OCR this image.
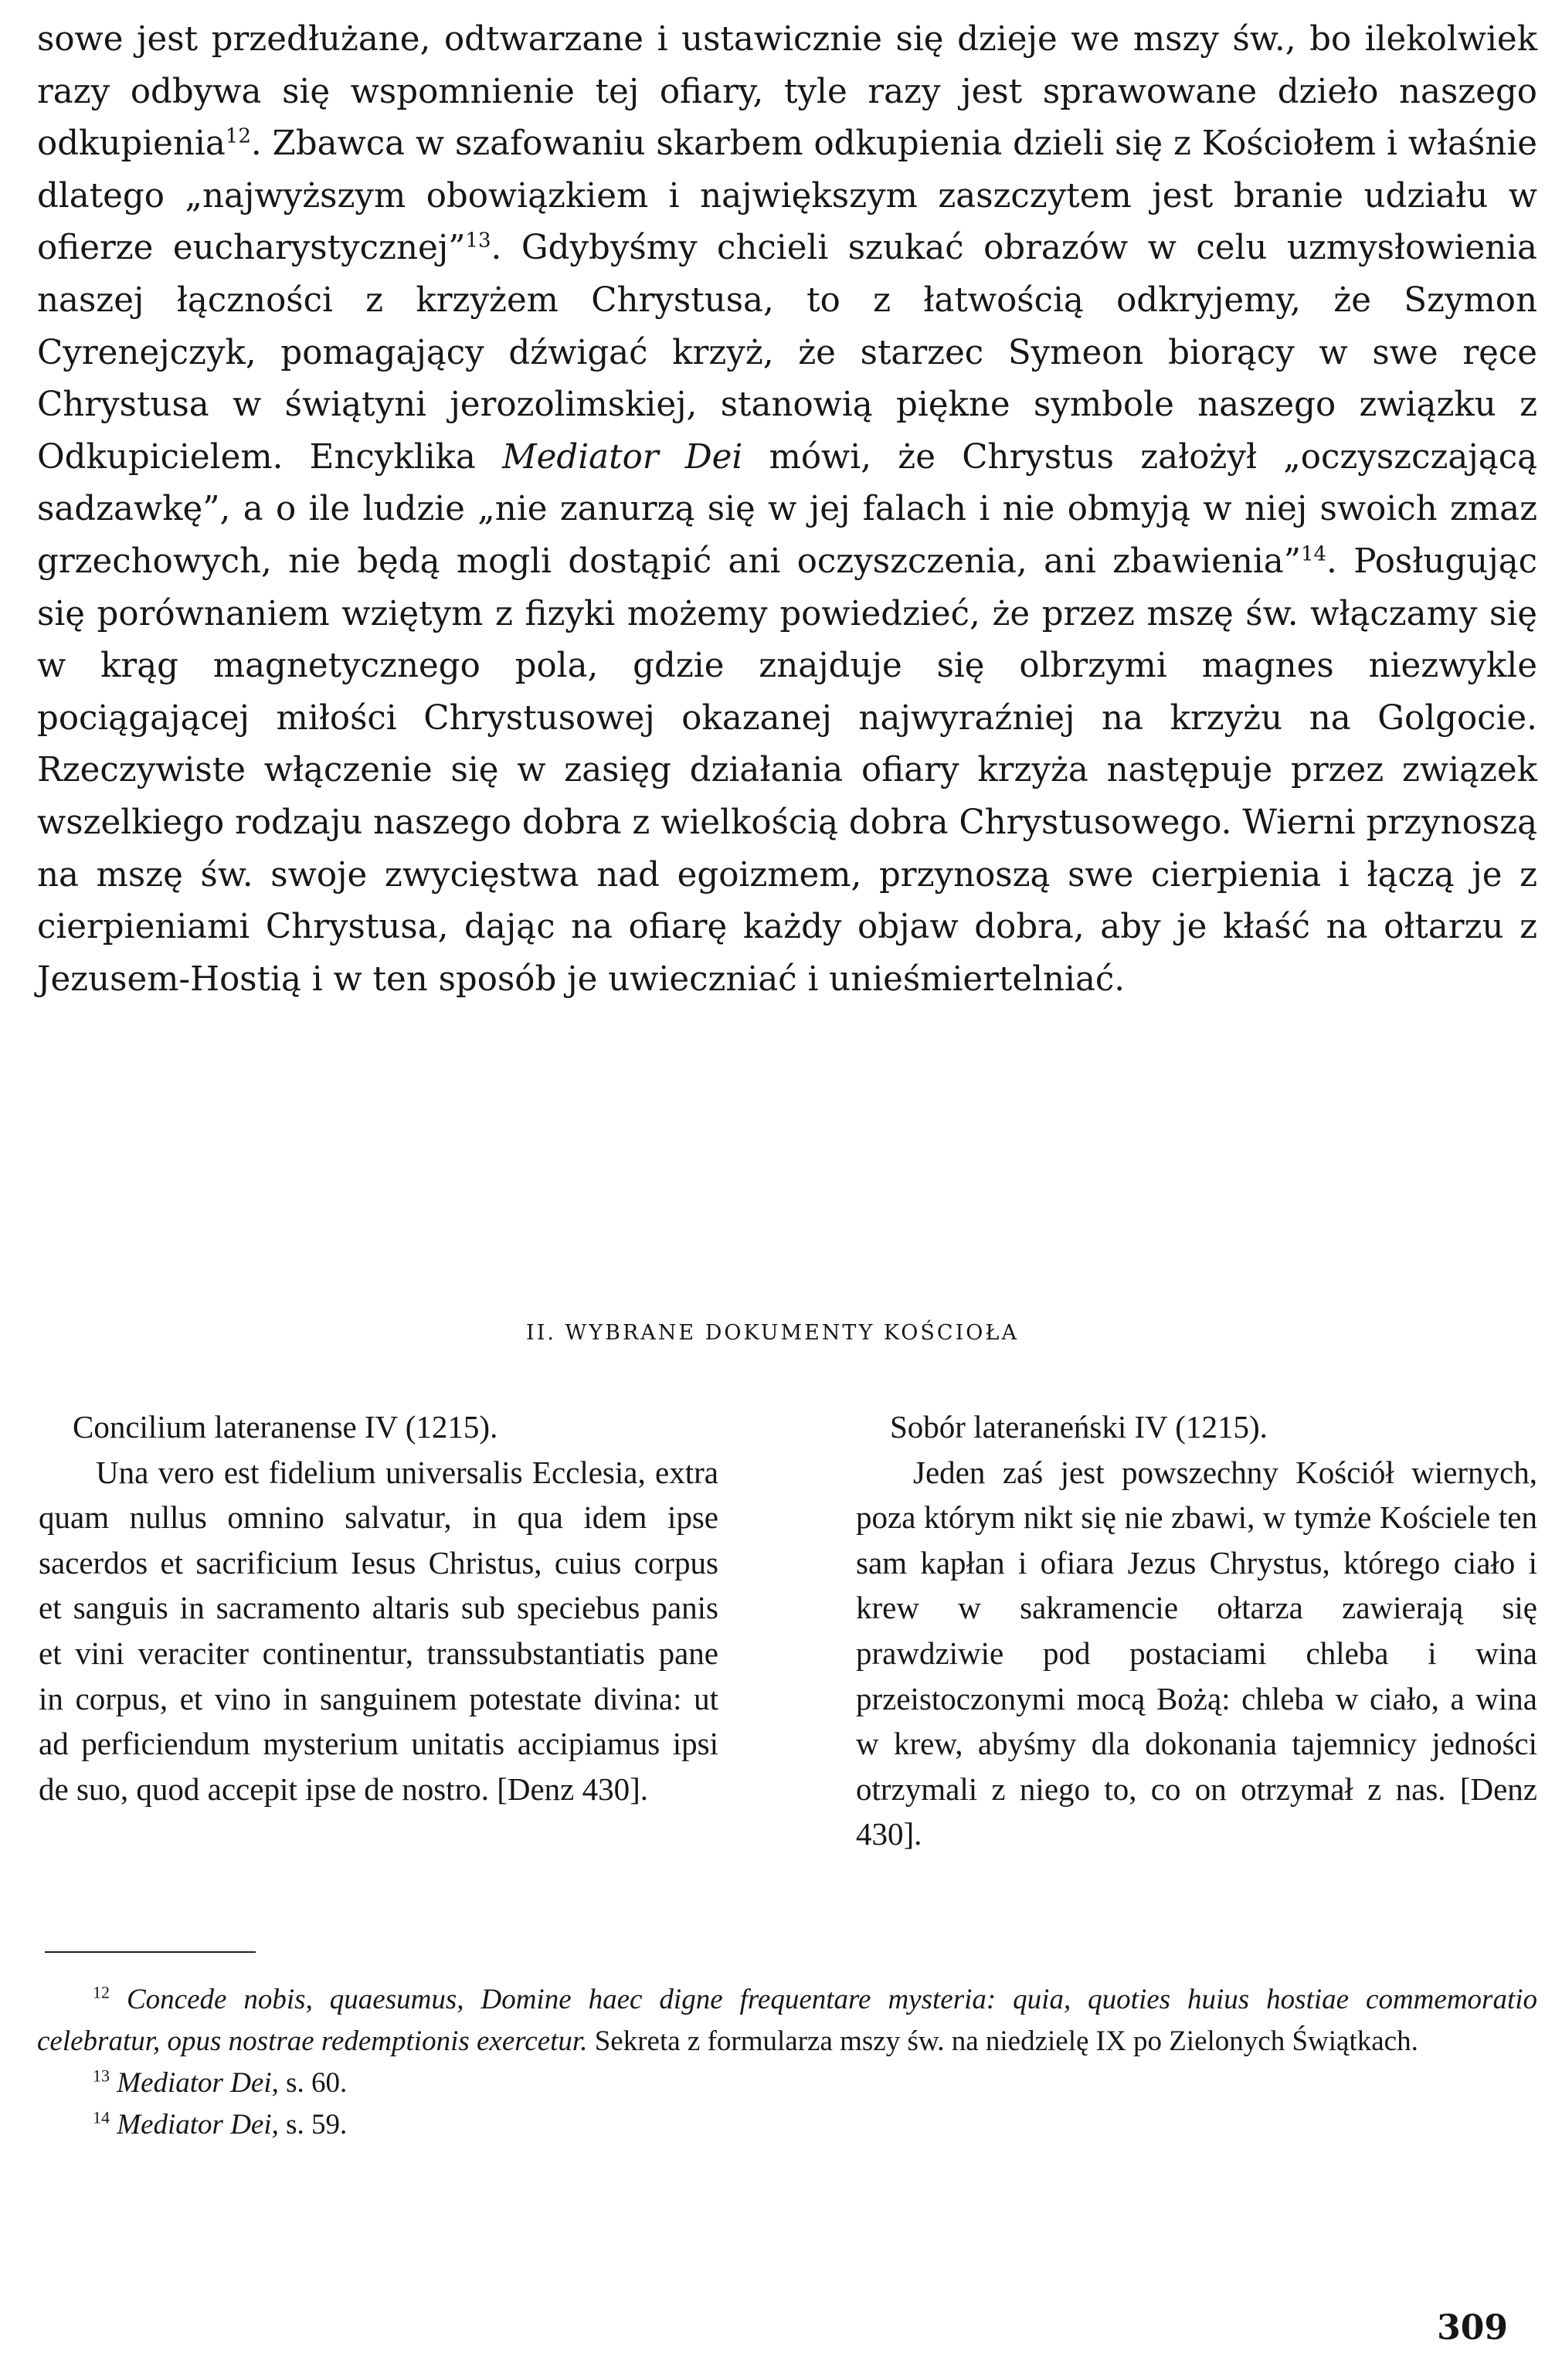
sowe jest przedłużane, odtwarzane i ustawicznie się dzieje we mszy św., bo ilekolwiek razy odbywa się wspomnienie tej ofiary, tyle razy jest sprawowane dzieło naszego odkupienia$^{12}$. Zbawca w szafowaniu skarbem odkupienia dzieli się z Kościołem i właśnie dlatego „najwyższym obowiązkiem i największym zaszczytem jest branie udziału w ofierze eucharystycznej”$^{13}$. Gdybyśmy chcieli szukać obrazów w celu uzmysłowienia naszej łączności z krzyżem Chrystusa, to z łatwością odkryjemy, że Szymon Cyrenejczyk, pomagający dźwigać krzyż, że starzec Symeon biorący w swe ręce Chrystusa w świątyni jerozolimskiej, stanowią piękne symbole naszego związku z Odkupicielem. Encyklika Mediator Dei mówi, że Chrystus założył „oczyszczającą sadzawkę”, a o ile ludzie „nie zanurzą się w jej falach i nie obmyją w niej swoich zmaz grzechowych, nie będą mogli dostąpić ani oczyszczenia, ani zbawienia”$^{14}$. Posługując się porównaniem wziętym z fizyki możemy powiedzieć, że przez mszę św. włączamy się w krąg magnetycznego pola, gdzie znajduje się olbrzymi magnes niezwykle pociągającej miłości Chrystusowej okazanej najwyraźniej na krzyżu na Golgocie. Rzeczywiste włączenie się w zasięg działania ofiary krzyża następuje przez związek wszelkiego rodzaju naszego dobra z wielkością dobra Chrystusowego. Wierni przynoszą na mszę św. swoje zwycięstwa nad egoizmem, przynoszą swe cierpienia i łączą je z cierpieniami Chrystusa, dając na ofiarę każdy objaw dobra, aby je kłaść na ołtarzu z Jezusem-Hostią i w ten sposób je uwieczniać i unieśmiertelniać.

II. WYBRANE DOKUMENTY KOŚCIOŁA

Concilium lateranense IV (1215).

Una vero est fidelium universalis Ecclesia, extra quam nullus omnino salvatur, in qua idem ipse sacerdos et sacrificium Iesus Christus, cuius corpus et sanguis in sacramento altaris sub speciebus panis et vini veraciter continentur, transsubstantiatis pane in corpus, et vino in sanguinem potestate divina: ut ad perficiendum mysterium unitatis accipiamus ipsi de suo, quod accepit ipse de nostro. [Denz 430].

Sobór lateraneński IV (1215).

Jeden zaś jest powszechny Kościół wiernych, poza którym nikt się nie zbawi, w tymże Kościele ten sam kapłan i ofiara Jezus Chrystus, którego ciało i krew w sakramencie ołtarza zawierają się prawdziwie pod postaciami chleba i wina przeistoczonymi mocą Bożą: chleba w ciało, a wina w krew, abyśmy dla dokonania tajemnicy jedności otrzymali z niego to, co on otrzymał z nas. [Denz 430].

$^{12}$ Concede nobis, quaesumus, Domine haec digne frequentare mysteria: quia, quoties huius hostiae commemoratio celebratur, opus nostrae redemptionis exercetur. Sekreta z formularza mszy św. na niedzielę IX po Zielonych Świątkach.

$^{13}$ Mediator Dei, s. 60.

$^{14}$ Mediator Dei, s. 59.

309
